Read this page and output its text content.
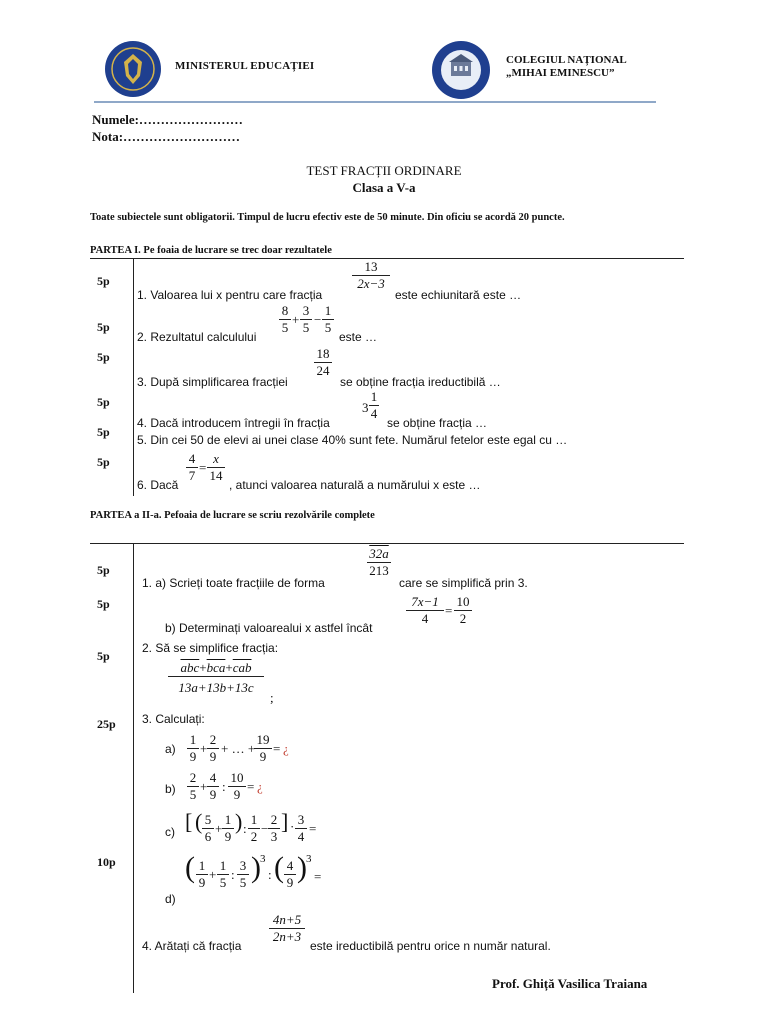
MINISTERUL EDUCAȚIEI	COLEGIUL NAȚIONAL
„MIHAI EMINESCU”
Numele:……………………
Nota:………………………
TEST FRACȚII ORDINARE
Clasa a V-a
Toate subiectele sunt obligatorii. Timpul de lucru efectiv este de 50 minute. Din oficiu se acordă 20 puncte.
PARTEA I. Pe foaia de lucrare se trec doar rezultatele
5p
5p
5p
5p
5p
5p
1. Valoarea lui x pentru care fracția
$\frac{13}{2x-3}$
este echiunitară este …
2. Rezultatul calculului
$\frac{8}{5} + \frac{3}{5} - \frac{1}{5}$
este …
3. După simplificarea fracției
$\frac{18}{24}$
se obține fracția ireductibilă …
4. Dacă introducem întregii în fracția
$3 \frac{1}{4}$
se obține fracția …
5. Din cei 50 de elevi ai unei clase 40% sunt fete. Numărul fetelor este egal cu …
6. Dacă
$\frac{4}{7} = \frac{x}{14}$
, atunci valoarea naturală a numărului x este …
PARTEA a II-a. Pefoaia de lucrare se scriu rezolvările complete
5p
5p
5p
25p
10p
1. a) Scrieți toate fracțiile de forma
$\frac{32a}{213}$
care se simplifică prin 3.
b) Determinați valoarealui x astfel încât
$\frac{7x-1}{4} = \frac{10}{2}$
2. Să se simplifice fracția:
$\overline{abc}+\overline{bca}+\overline{cab}$
13a+13b+13c
;
3. Calculați:
$a) \frac{1}{9} + \frac{2}{9}$ + … +
$\frac{19}{9}$ = ¿
$b) \frac{2}{5} + \frac{4}{9}$ : $\frac{10}{9}$ = ¿
c) [ ( $\frac{5}{6} + \frac{1}{9}$ ) : $\frac{1}{2} - \frac{2}{3}$ ] · $\frac{3}{4}$ =
d)
( $\frac{1}{9} + \frac{1}{5}$ : $\frac{3}{5}$ ) 3
: ( $\frac{4}{9}$ ) 3
=
4. Arătați că fracția
$\frac{4n+5}{2n+3}$
este ireductibilă pentru orice n număr natural.
Prof. Ghiță Vasilica Traiana
